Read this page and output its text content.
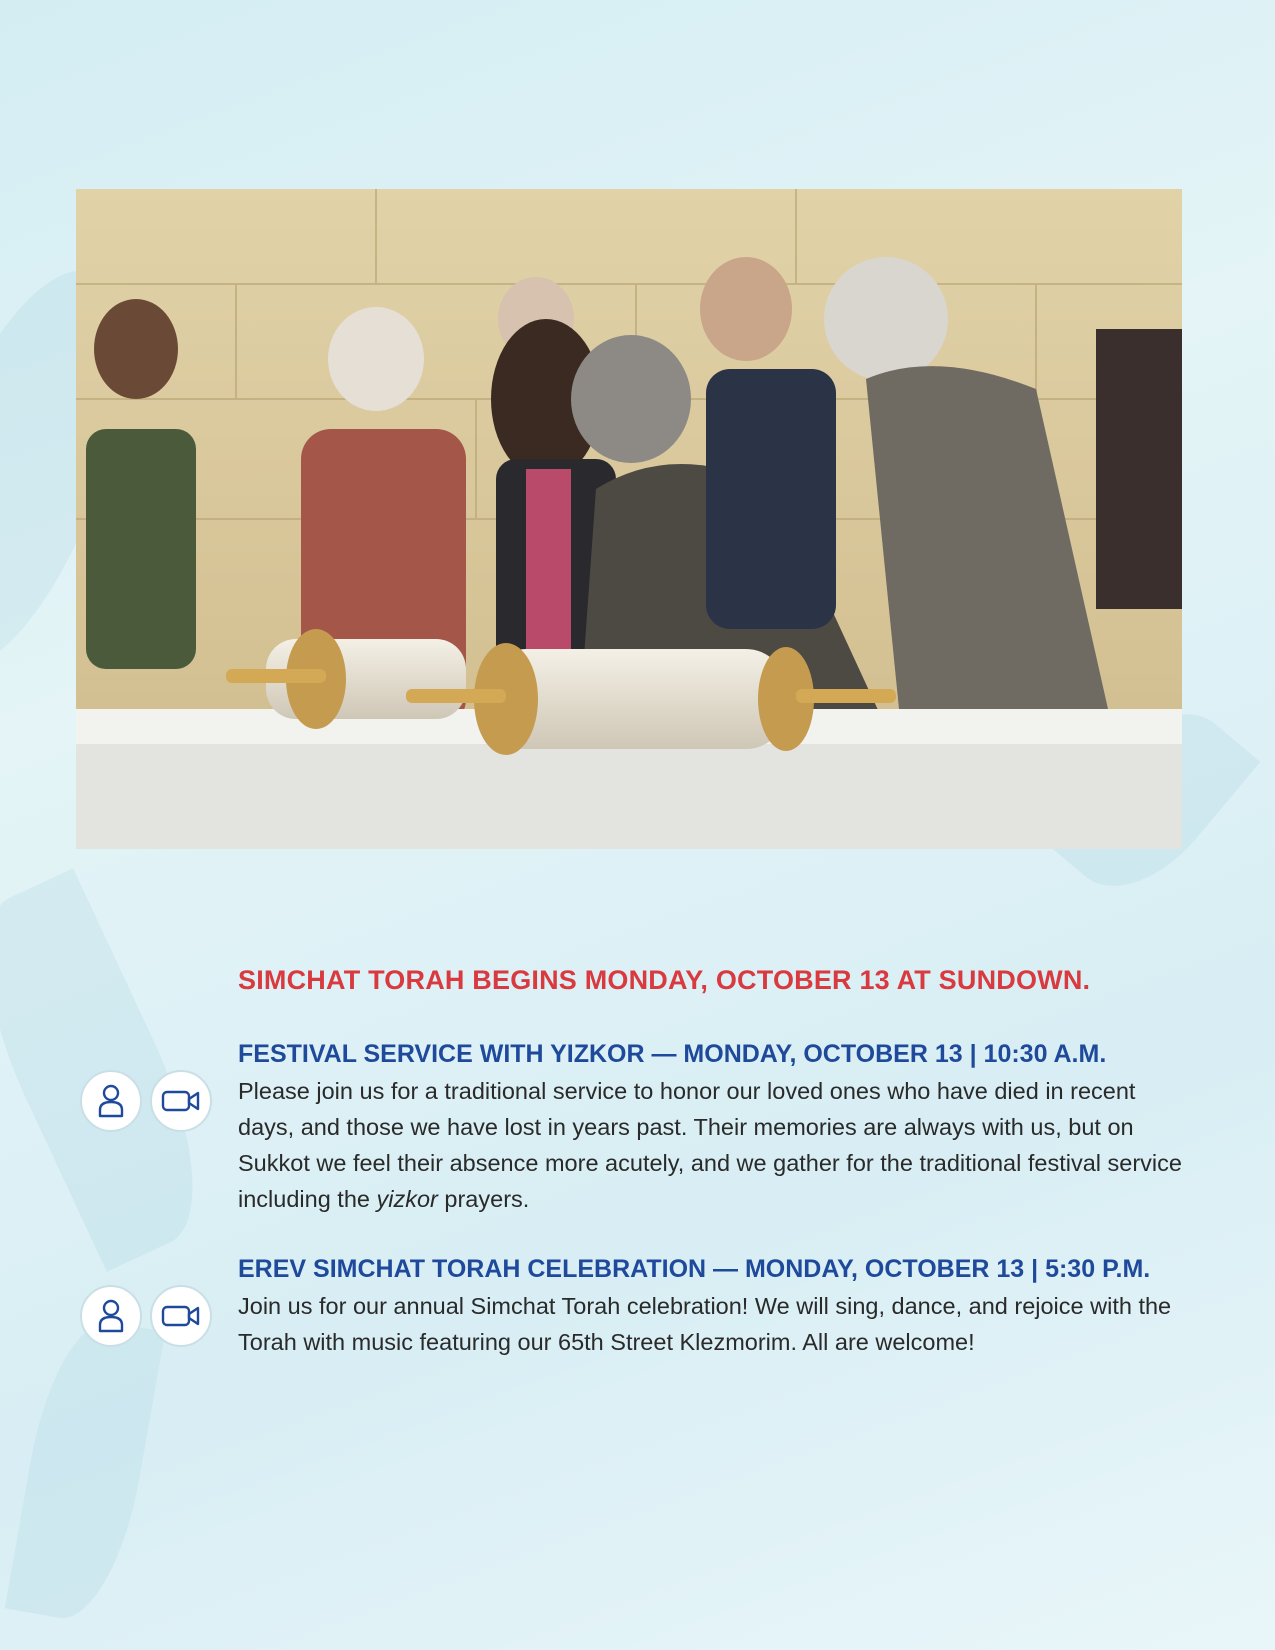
SIMCHAT TORAH BEGINS MONDAY, OCTOBER 13 AT SUNDOWN.
FESTIVAL SERVICE WITH YIZKOR — MONDAY, OCTOBER 13 | 10:30 A.M.

Please join us for a traditional service to honor our loved ones who have died in recent days, and those we have lost in years past. Their memories are always with us, but on Sukkot we feel their absence more acutely, and we gather for the traditional festival service including the yizkor prayers.

EREV SIMCHAT TORAH CELEBRATION — MONDAY, OCTOBER 13 | 5:30 P.M.

Join us for our annual Simchat Torah celebration! We will sing, dance, and rejoice with the Torah with music featuring our 65th Street Klezmorim. All are welcome!
